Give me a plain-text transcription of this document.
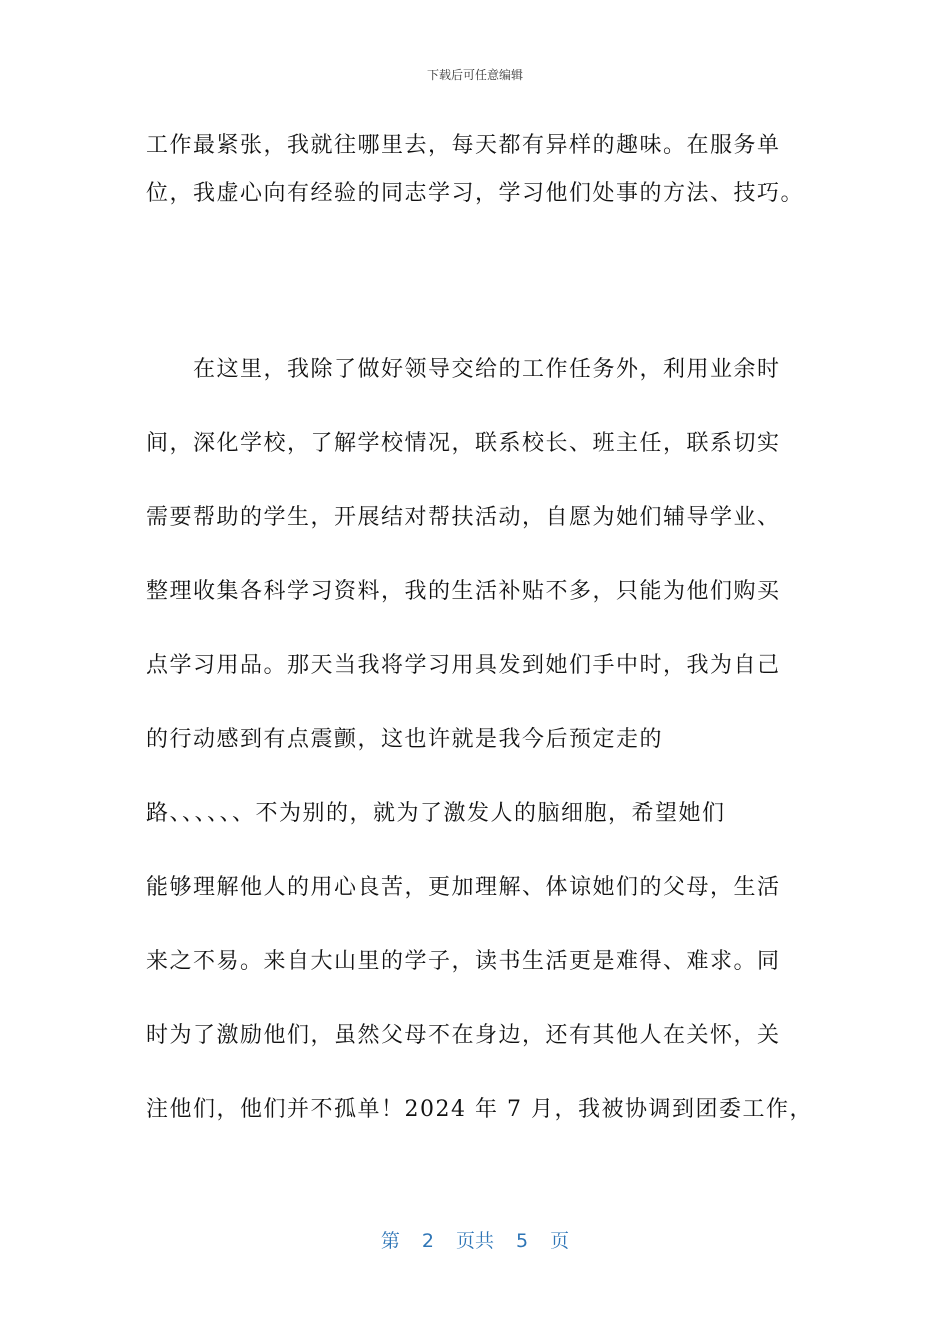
下载后可任意编辑
工作最紧张，我就往哪里去，每天都有异样的趣味。在服务单
位，我虚心向有经验的同志学习，学习他们处事的方法、技巧。
　　在这里，我除了做好领导交给的工作任务外，利用业余时
间，深化学校，了解学校情况，联系校长、班主任，联系切实
需要帮助的学生，开展结对帮扶活动，自愿为她们辅导学业、
整理收集各科学习资料，我的生活补贴不多，只能为他们购买
点学习用品。那天当我将学习用具发到她们手中时，我为自己
的行动感到有点震颤，这也许就是我今后预定走的
路、、、、、、不为别的，就为了激发人的脑细胞，希望她们
能够理解他人的用心良苦，更加理解、体谅她们的父母，生活
来之不易。来自大山里的学子，读书生活更是难得、难求。同
时为了激励他们，虽然父母不在身边，还有其他人在关怀，关
注他们，他们并不孤单！2024 年 7 月，我被协调到团委工作，
第 2 页共 5 页
